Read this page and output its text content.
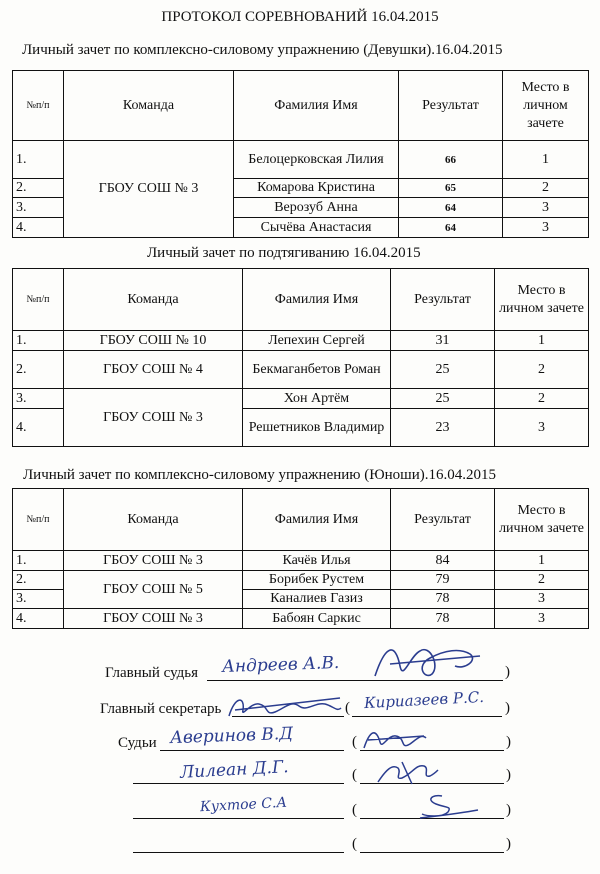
ПРОТОКОЛ СОРЕВНОВАНИЙ 16.04.2015
Личный зачет по комплексно-силовому упражнению (Девушки).16.04.2015
№п/п	Команда	Фамилия Имя	Результат	Место в личном зачете
1.	ГБОУ СОШ № 3	Белоцерковская Лилия	66	1
2.		Комарова Кристина	65	2
3.		Верозуб Анна	64	3
4.		Сычёва Анастасия	64	3
Личный зачет по подтягиванию 16.04.2015
№п/п	Команда	Фамилия Имя	Результат	Место в личном зачете
1.	ГБОУ СОШ № 10	Лепехин Сергей	31	1
2.	ГБОУ СОШ № 4	Бекмаганбетов Роман	25	2
3.	ГБОУ СОШ № 3	Хон Артём	25	2
4.		Решетников Владимир	23	3
Личный зачет по комплексно-силовому упражнению (Юноши).16.04.2015
№п/п	Команда	Фамилия Имя	Результат	Место в личном зачете
1.	ГБОУ СОШ № 3	Качёв Илья	84	1
2.	ГБОУ СОШ № 5	Борибек Рустем	79	2
3.		Каналиев Газиз	78	3
4.	ГБОУ СОШ № 3	Бабоян Саркис	78	3
Главный судья	)
Андреев А.В.
Главный секретарь	(	)
Кириазеев Р.С.
Судьи	(	)
Аверинов В.Д
(	)
Лилеан Д.Г.
(	)
Кухтое С.А
(	)
